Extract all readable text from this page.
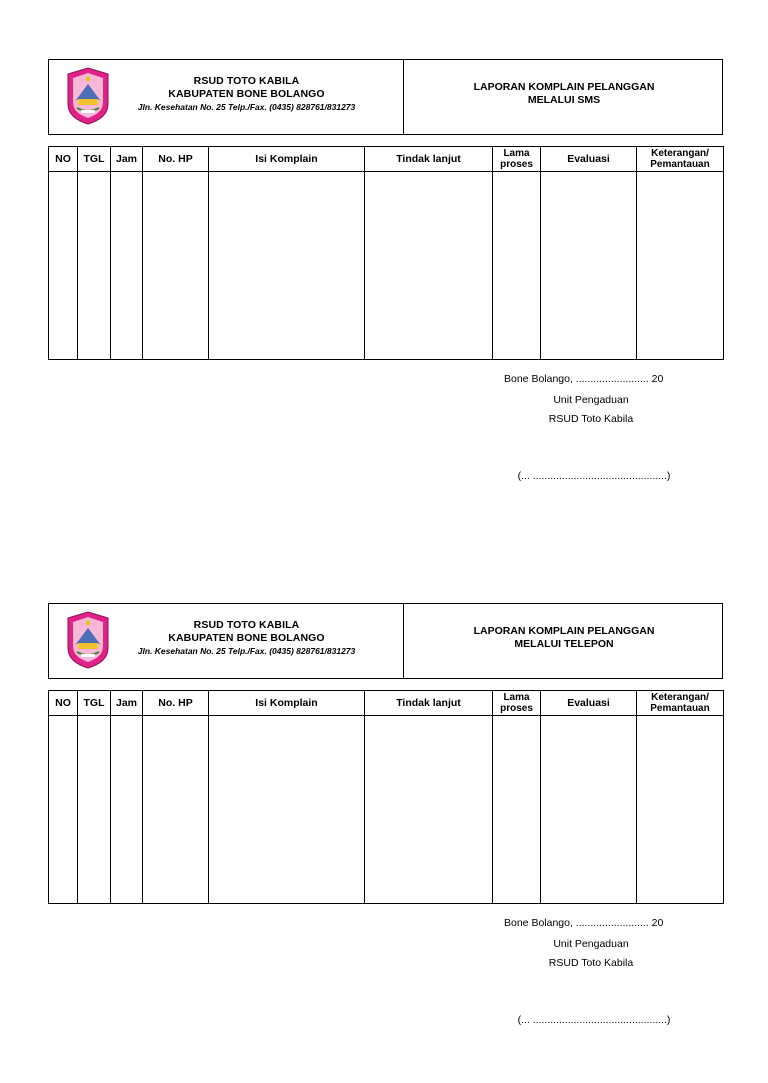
RSUD TOTO KABILA
KABUPATEN BONE BOLANGO
Jln. Kesehatan No. 25 Telp./Fax. (0435) 828761/831273
LAPORAN KOMPLAIN PELANGGAN
MELALUI SMS
NO	TGL	Jam	No. HP	Isi Komplain	Tindak lanjut	Lama proses	Evaluasi	Keterangan/ Pemantauan

Bone Bolango, ......................... 20
Unit Pengaduan
RSUD Toto Kabila
(... ..............................................)
RSUD TOTO KABILA
KABUPATEN BONE BOLANGO
Jln. Kesehatan No. 25 Telp./Fax. (0435) 828761/831273
LAPORAN KOMPLAIN PELANGGAN
MELALUI TELEPON
NO	TGL	Jam	No. HP	Isi Komplain	Tindak lanjut	Lama proses	Evaluasi	Keterangan/ Pemantauan

Bone Bolango, ......................... 20
Unit Pengaduan
RSUD Toto Kabila
(... ..............................................)
